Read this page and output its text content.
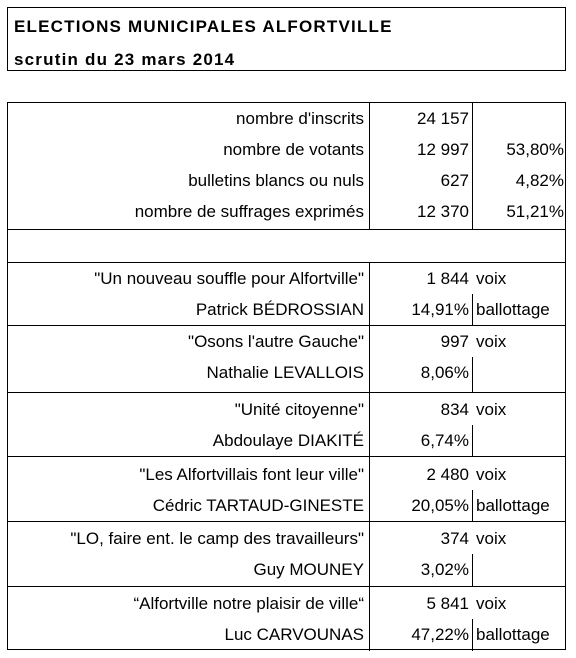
ELECTIONS MUNICIPALES ALFORTVILLE
scrutin du 23 mars 2014
nombre d'inscrits	24 157
nombre de votants	12 997	53,80%
bulletins blancs ou nuls	627	4,82%
nombre de suffrages exprimés	12 370	51,21%
"Un nouveau souffle pour Alfortville"	1 844 voix
Patrick BÉDROSSIAN	14,91% ballottage
"Osons l'autre Gauche"	997 voix
Nathalie LEVALLOIS	8,06%
"Unité citoyenne"	834 voix
Abdoulaye DIAKITÉ	6,74%
"Les Alfortvillais font leur ville"	2 480 voix
Cédric TARTAUD-GINESTE	20,05% ballottage
"LO, faire ent. le camp des travailleurs"	374 voix
Guy MOUNEY	3,02%
“Alfortville notre plaisir de ville“	5 841 voix
Luc CARVOUNAS	47,22% ballottage
